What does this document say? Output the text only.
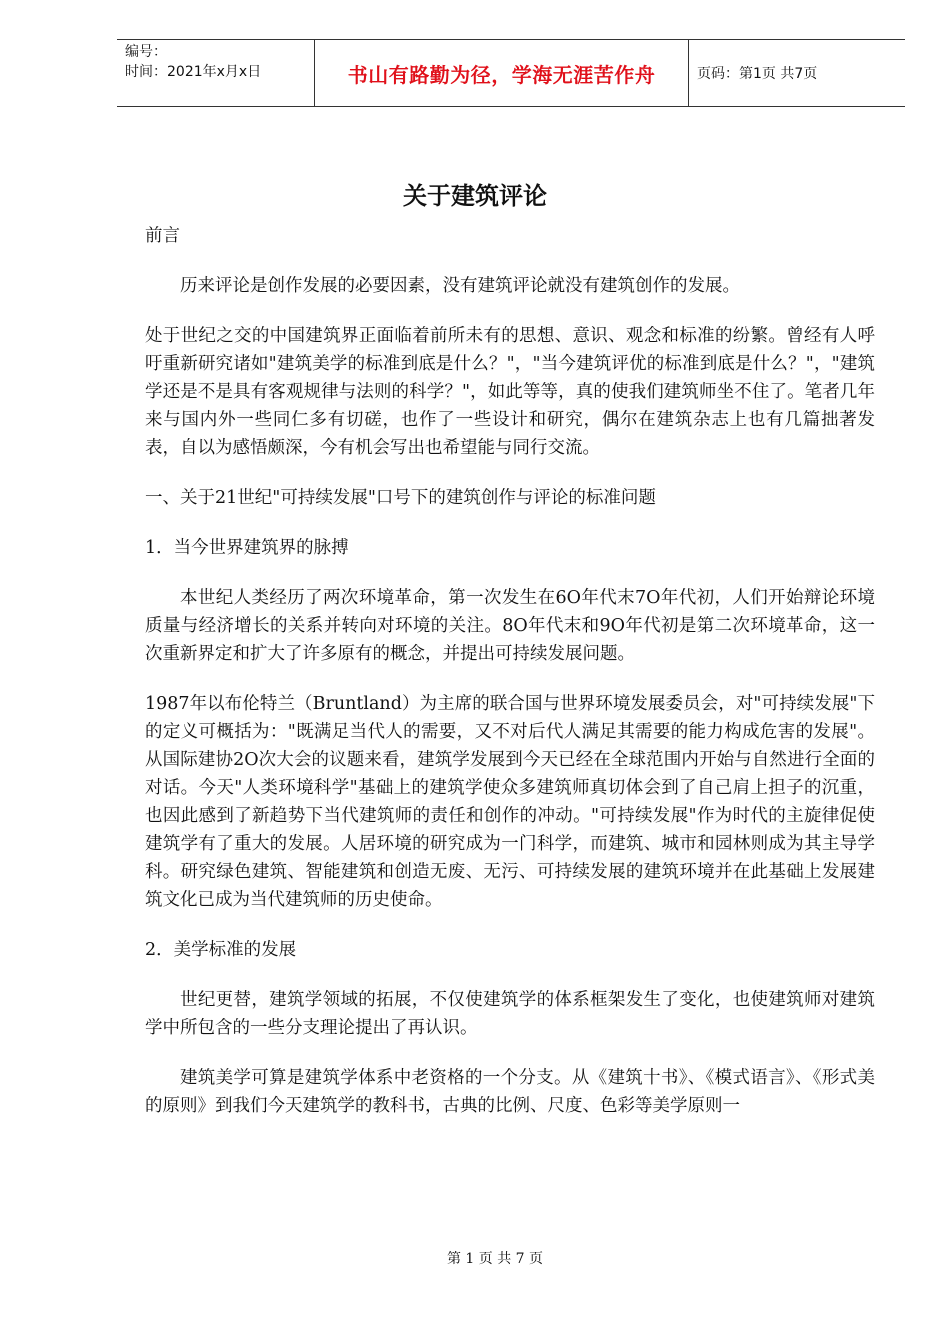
编号：
时间：2021年x月x日	书山有路勤为径，学海无涯苦作舟	页码：第1页 共7页
关于建筑评论

前言

历来评论是创作发展的必要因素，没有建筑评论就没有建筑创作的发展。

处于世纪之交的中国建筑界正面临着前所未有的思想、意识、观念和标准的纷繁。曾经有人呼吁重新研究诸如"建筑美学的标准到底是什么？"，"当今建筑评优的标准到底是什么？"，"建筑学还是不是具有客观规律与法则的科学？"，如此等等，真的使我们建筑师坐不住了。笔者几年来与国内外一些同仁多有切磋，也作了一些设计和研究，偶尔在建筑杂志上也有几篇拙著发表，自以为感悟颇深，今有机会写出也希望能与同行交流。

一、关于21世纪"可持续发展"口号下的建筑创作与评论的标准问题

1．当今世界建筑界的脉搏

本世纪人类经历了两次环境革命，第一次发生在6O年代末7O年代初，人们开始辩论环境质量与经济增长的关系并转向对环境的关注。8O年代末和9O年代初是第二次环境革命，这一次重新界定和扩大了许多原有的概念，并提出可持续发展问题。

1987年以布伦特兰（Bruntland）为主席的联合国与世界环境发展委员会，对"可持续发展"下的定义可概括为："既满足当代人的需要，又不对后代人满足其需要的能力构成危害的发展"。从国际建协2O次大会的议题来看，建筑学发展到今天已经在全球范围内开始与自然进行全面的对话。今天"人类环境科学"基础上的建筑学使众多建筑师真切体会到了自己肩上担子的沉重，也因此感到了新趋势下当代建筑师的责任和创作的冲动。"可持续发展"作为时代的主旋律促使建筑学有了重大的发展。人居环境的研究成为一门科学，而建筑、城市和园林则成为其主导学科。研究绿色建筑、智能建筑和创造无废、无污、可持续发展的建筑环境并在此基础上发展建筑文化已成为当代建筑师的历史使命。

2．美学标准的发展

世纪更替，建筑学领域的拓展，不仅使建筑学的体系框架发生了变化，也使建筑师对建筑学中所包含的一些分支理论提出了再认识。

建筑美学可算是建筑学体系中老资格的一个分支。从《建筑十书》、《模式语言》、《形式美的原则》到我们今天建筑学的教科书，古典的比例、尺度、色彩等美学原则一

第 1 页 共 7 页
